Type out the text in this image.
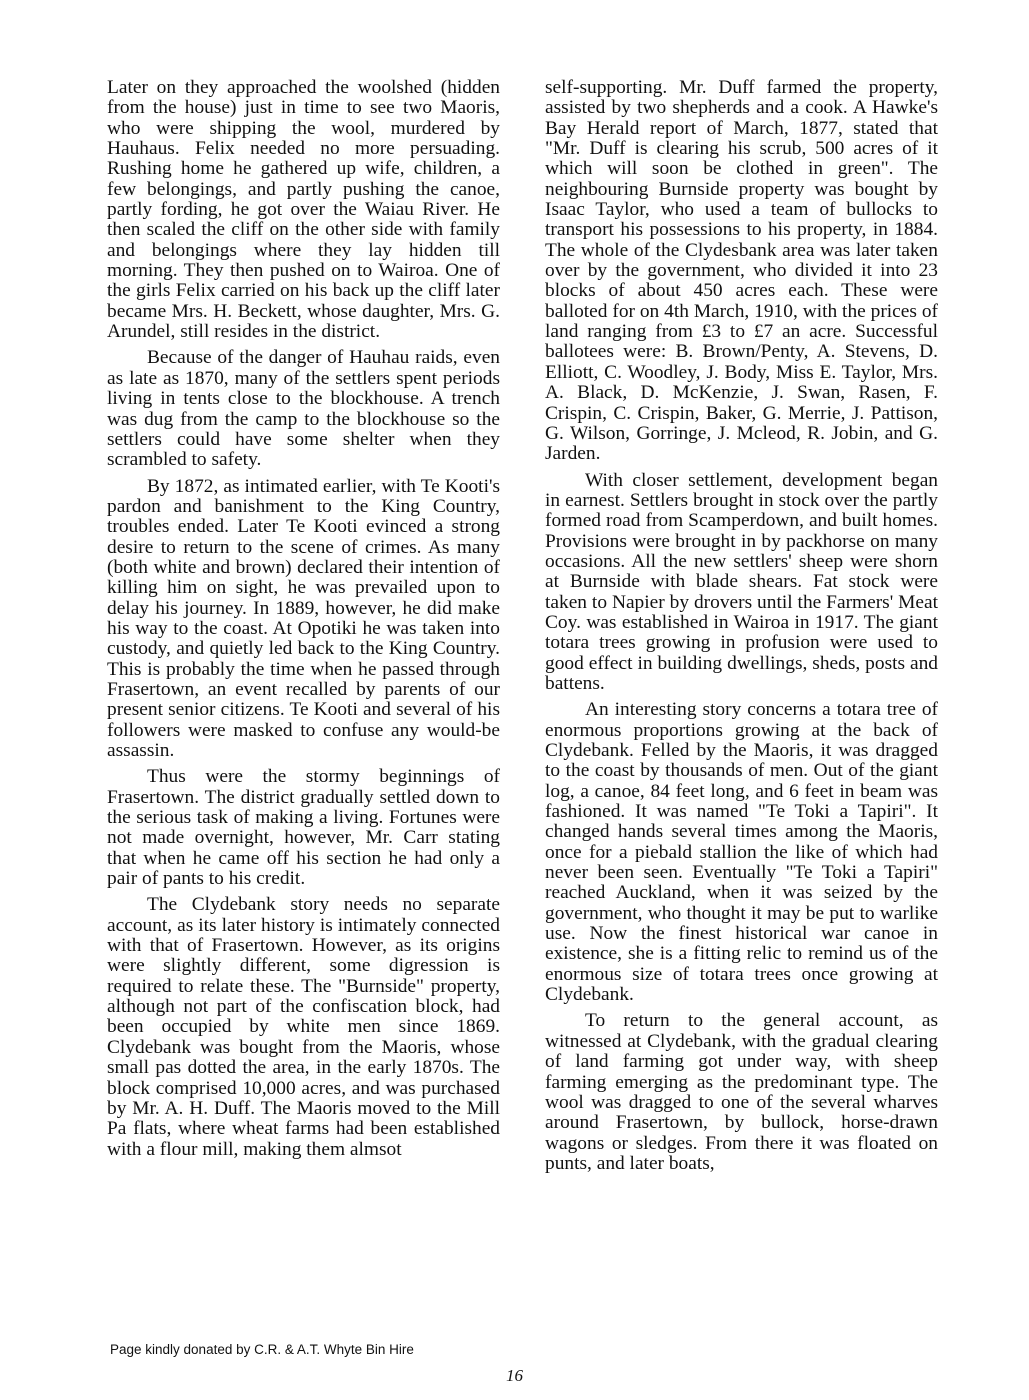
Later on they approached the woolshed (hidden from the house) just in time to see two Maoris, who were shipping the wool, murdered by Hauhaus. Felix needed no more persuading. Rushing home he gathered up wife, children, a few belongings, and partly pushing the canoe, partly fording, he got over the Waiau River. He then scaled the cliff on the other side with family and belongings where they lay hidden till morning. They then pushed on to Wairoa. One of the girls Felix carried on his back up the cliff later became Mrs. H. Beckett, whose daughter, Mrs. G. Arundel, still resides in the district.

Because of the danger of Hauhau raids, even as late as 1870, many of the settlers spent periods living in tents close to the blockhouse. A trench was dug from the camp to the blockhouse so the settlers could have some shelter when they scrambled to safety.

By 1872, as intimated earlier, with Te Kooti's pardon and banishment to the King Country, troubles ended. Later Te Kooti evinced a strong desire to return to the scene of crimes. As many (both white and brown) declared their intention of killing him on sight, he was prevailed upon to delay his journey. In 1889, however, he did make his way to the coast. At Opotiki he was taken into custody, and quietly led back to the King Country. This is probably the time when he passed through Frasertown, an event recalled by parents of our present senior citizens. Te Kooti and several of his followers were masked to confuse any would-be assassin.

Thus were the stormy beginnings of Frasertown. The district gradually settled down to the serious task of making a living. Fortunes were not made overnight, however, Mr. Carr stating that when he came off his section he had only a pair of pants to his credit.

The Clydebank story needs no separate account, as its later history is intimately connected with that of Frasertown. However, as its origins were slightly different, some digression is required to relate these. The "Burnside" property, although not part of the confiscation block, had been occupied by white men since 1869. Clydebank was bought from the Maoris, whose small pas dotted the area, in the early 1870s. The block comprised 10,000 acres, and was purchased by Mr. A. H. Duff. The Maoris moved to the Mill Pa flats, where wheat farms had been established with a flour mill, making them almsot

self-supporting. Mr. Duff farmed the property, assisted by two shepherds and a cook. A Hawke's Bay Herald report of March, 1877, stated that "Mr. Duff is clearing his scrub, 500 acres of it which will soon be clothed in green". The neighbouring Burnside property was bought by Isaac Taylor, who used a team of bullocks to transport his possessions to his property, in 1884. The whole of the Clydesbank area was later taken over by the government, who divided it into 23 blocks of about 450 acres each. These were balloted for on 4th March, 1910, with the prices of land ranging from £3 to £7 an acre. Successful ballotees were: B. Brown/Penty, A. Stevens, D. Elliott, C. Woodley, J. Body, Miss E. Taylor, Mrs. A. Black, D. McKenzie, J. Swan, Rasen, F. Crispin, C. Crispin, Baker, G. Merrie, J. Pattison, G. Wilson, Gorringe, J. Mcleod, R. Jobin, and G. Jarden.

With closer settlement, development began in earnest. Settlers brought in stock over the partly formed road from Scamperdown, and built homes. Provisions were brought in by packhorse on many occasions. All the new settlers' sheep were shorn at Burnside with blade shears. Fat stock were taken to Napier by drovers until the Farmers' Meat Coy. was established in Wairoa in 1917. The giant totara trees growing in profusion were used to good effect in building dwellings, sheds, posts and battens.

An interesting story concerns a totara tree of enormous proportions growing at the back of Clydebank. Felled by the Maoris, it was dragged to the coast by thousands of men. Out of the giant log, a canoe, 84 feet long, and 6 feet in beam was fashioned. It was named "Te Toki a Tapiri". It changed hands several times among the Maoris, once for a piebald stallion the like of which had never been seen. Eventually "Te Toki a Tapiri" reached Auckland, when it was seized by the government, who thought it may be put to warlike use. Now the finest historical war canoe in existence, she is a fitting relic to remind us of the enormous size of totara trees once growing at Clydebank.

To return to the general account, as witnessed at Clydebank, with the gradual clearing of land farming got under way, with sheep farming emerging as the predominant type. The wool was dragged to one of the several wharves around Frasertown, by bullock, horse-drawn wagons or sledges. From there it was floated on punts, and later boats,

Page kindly donated by C.R. & A.T. Whyte Bin Hire
16
